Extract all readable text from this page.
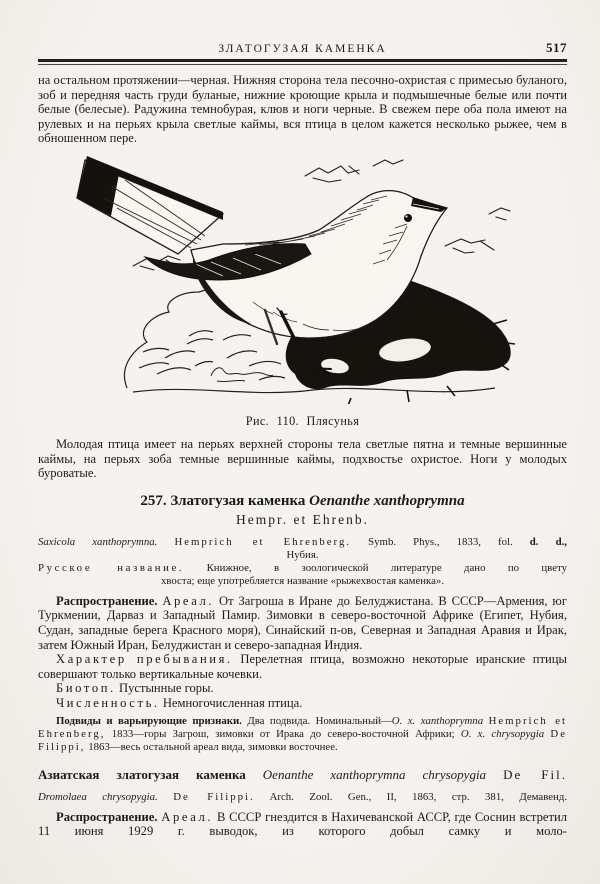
ЗЛАТОГУЗАЯ КАМЕНКА	517

на остальном протяжении—черная. Нижняя сторона тела песочно-охристая с примесью буланого, зоб и передняя часть груди буланые, нижние кроющие крыла и подмышечные белые или почти белые (белесые). Радужина темнобурая, клюв и ноги черные. В свежем пере оба пола имеют на рулевых и на перьях крыла светлые каймы, вся птица в целом кажется несколько рыжее, чем в обношенном пере.

Рис. 110. Плясунья

Молодая птица имеет на перьях верхней стороны тела светлые пятна и темные вершинные каймы, на перьях зоба темные вершинные каймы, подхвостье охристое. Ноги у молодых буроватые.

257. Златогузая каменка Oenanthe xanthoprymna
Hempr. et Ehrenb.

Saxicola xanthoprymna. Hemprich et Ehrenberg. Symb. Phys., 1833, fol. d. d.,

Нубия.

Русское название. Книжное, в зоологической литературе дано по цвету

хвоста; еще употребляется название «рыжехвостая каменка».

Распространение. Ареал. От Загроша в Иране до Белуджистана. В СССР—Армения, юг Туркмении, Дарваз и Западный Памир. Зимовки в северо-восточной Африке (Египет, Нубия, Судан, западные берега Красного моря), Синайский п-ов, Северная и Западная Аравия и Ирак, затем Южный Иран, Белуджистан и северо-западная Индия.

Характер пребывания. Перелетная птица, возможно некоторые иранские птицы совершают только вертикальные кочевки.

Биотоп. Пустынные горы.

Численность. Немногочисленная птица.

Подвиды и варьирующие признаки. Два подвида. Номинальный—O. x. xanthoprymna Hemprich et Ehrenberg, 1833—горы Загрош, зимовки от Ирака до северо-восточной Африки; O. x. chrysopygia De Filippi, 1863—весь остальной ареал вида, зимовки восточнее.

Азиатская златогузая каменка Oenanthe xanthoprymna chrysopygia De Fil.

Dromolaea chrysopygia. De Filippi. Arch. Zool. Gen., II, 1863, стр. 381, Демавенд.

Распространение. Ареал. В СССР гнездится в Нахичеванской АССР, где Соснин встретил 11 июня 1929 г. выводок, из которого добыл самку и моло-
